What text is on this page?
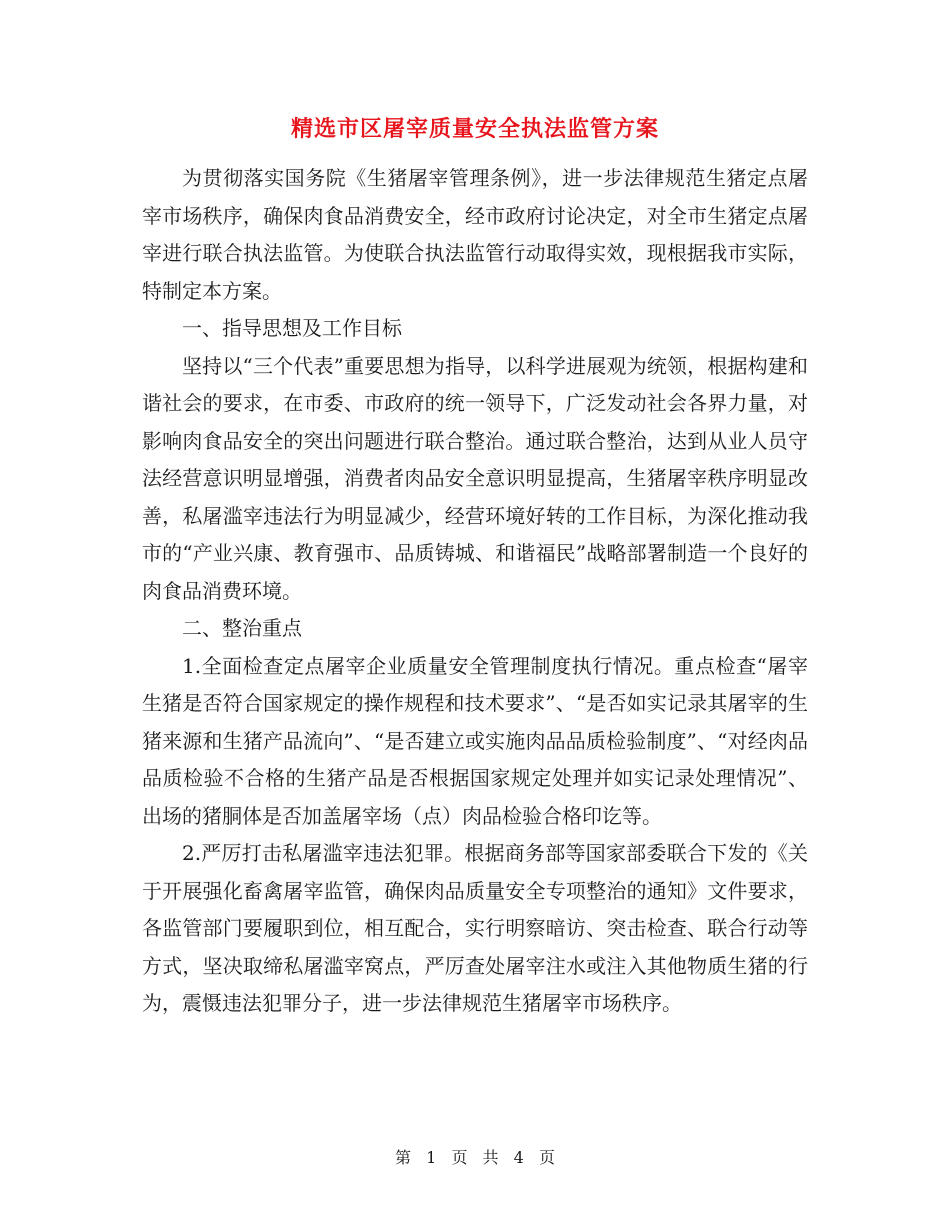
精选市区屠宰质量安全执法监管方案

为贯彻落实国务院《生猪屠宰管理条例》，进一步法律规范生猪定点屠宰市场秩序，确保肉食品消费安全，经市政府讨论决定，对全市生猪定点屠宰进行联合执法监管。为使联合执法监管行动取得实效，现根据我市实际，特制定本方案。

一、指导思想及工作目标

坚持以“三个代表”重要思想为指导，以科学进展观为统领，根据构建和谐社会的要求，在市委、市政府的统一领导下，广泛发动社会各界力量，对影响肉食品安全的突出问题进行联合整治。通过联合整治，达到从业人员守法经营意识明显增强，消费者肉品安全意识明显提高，生猪屠宰秩序明显改善，私屠滥宰违法行为明显减少，经营环境好转的工作目标，为深化推动我市的“产业兴康、教育强市、品质铸城、和谐福民”战略部署制造一个良好的肉食品消费环境。

二、整治重点

1.全面检查定点屠宰企业质量安全管理制度执行情况。重点检查“屠宰生猪是否符合国家规定的操作规程和技术要求”、“是否如实记录其屠宰的生猪来源和生猪产品流向”、“是否建立或实施肉品品质检验制度”、“对经肉品品质检验不合格的生猪产品是否根据国家规定处理并如实记录处理情况”、出场的猪胴体是否加盖屠宰场（点）肉品检验合格印讫等。

2.严厉打击私屠滥宰违法犯罪。根据商务部等国家部委联合下发的《关于开展强化畜禽屠宰监管，确保肉品质量安全专项整治的通知》文件要求，各监管部门要履职到位，相互配合，实行明察暗访、突击检查、联合行动等方式，坚决取缔私屠滥宰窝点，严厉查处屠宰注水或注入其他物质生猪的行为，震慑违法犯罪分子，进一步法律规范生猪屠宰市场秩序。

第 1 页 共 4 页
